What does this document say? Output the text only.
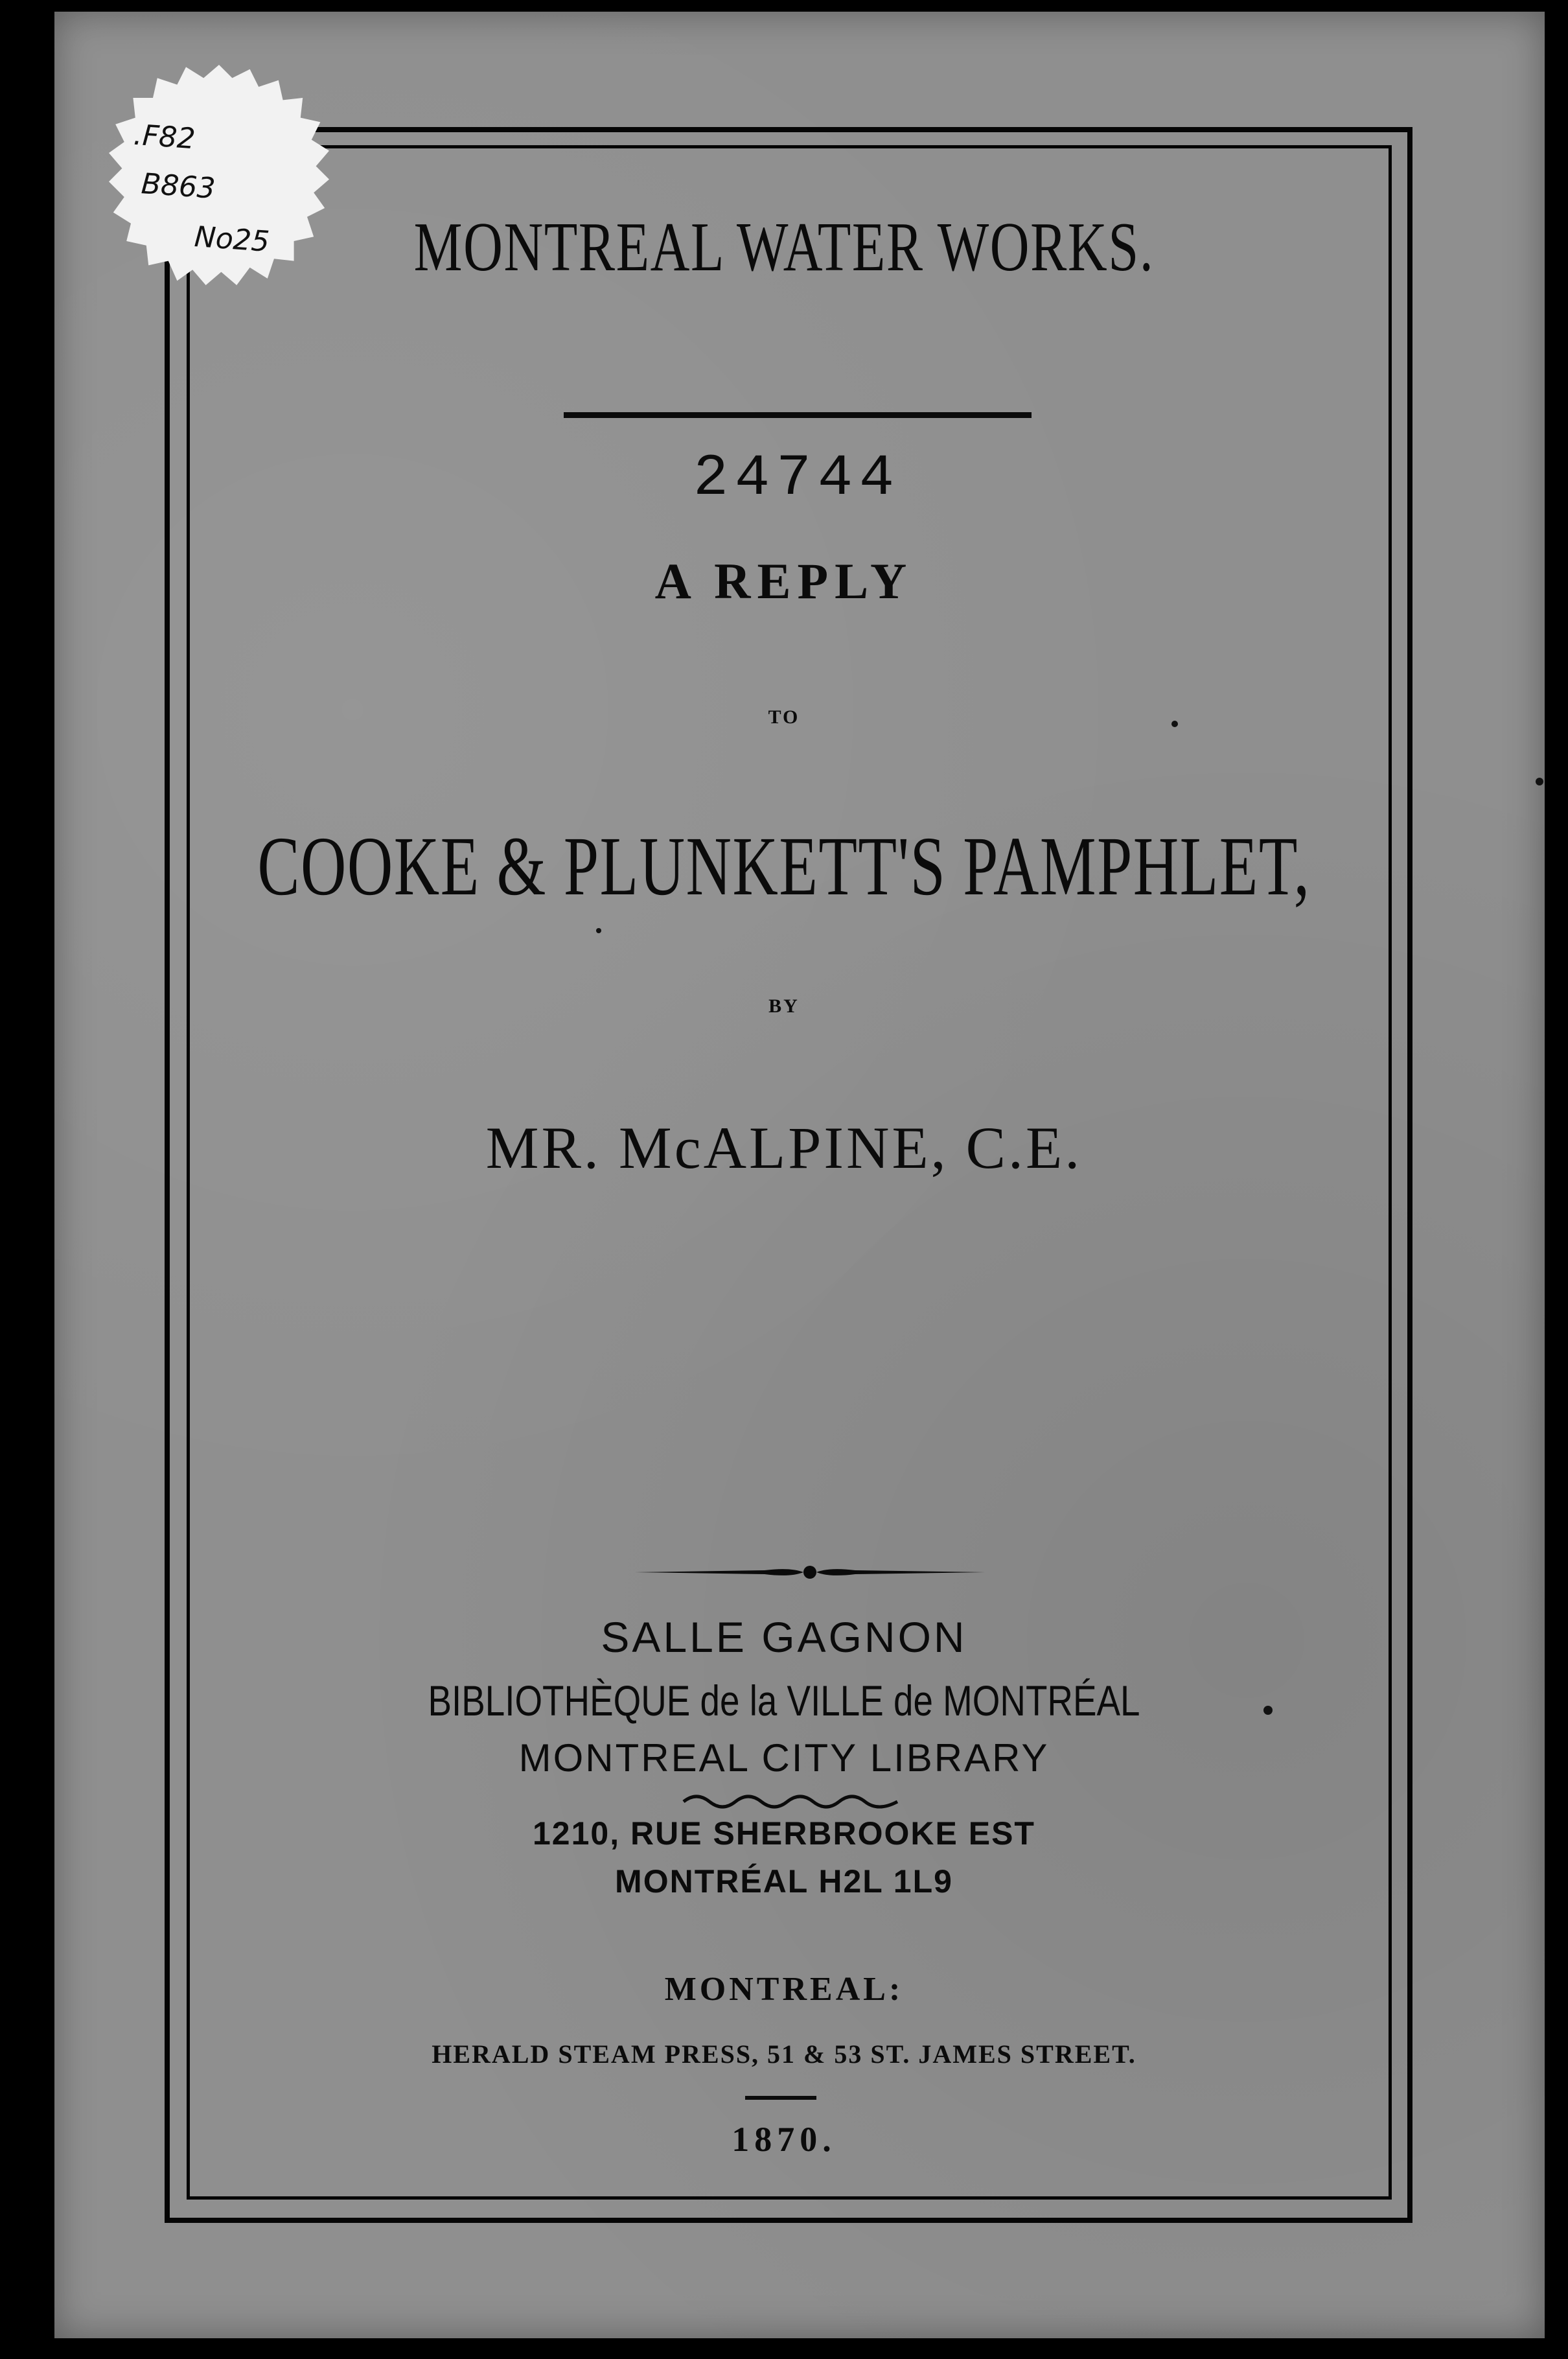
.F82
B863
No25	MONTREAL WATER WORKS.
24744
A REPLY
TO
COOKE & PLUNKETT'S PAMPHLET,
BY
MR. McALPINE, C.E.
SALLE GAGNON
BIBLIOTHÈQUE de la VILLE de MONTRÉAL
MONTREAL CITY LIBRARY
1210, RUE SHERBROOKE EST
MONTRÉAL H2L 1L9
MONTREAL:
HERALD STEAM PRESS, 51 & 53 ST. JAMES STREET.
1870.
